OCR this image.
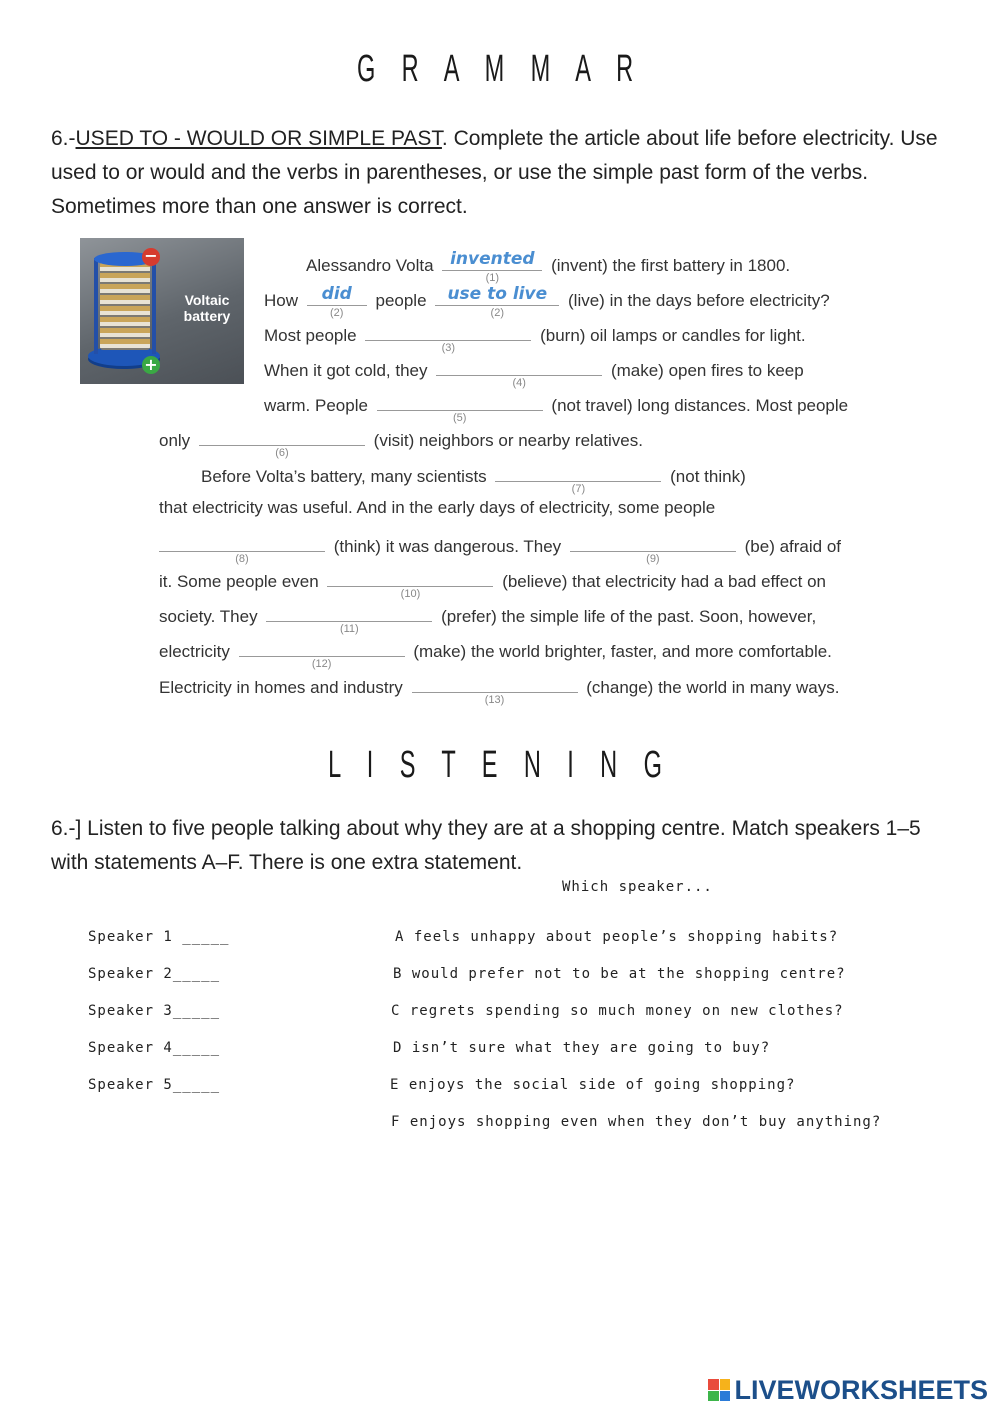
G R A M M A R
6.-USED TO - WOULD OR SIMPLE PAST. Complete the article about life before electricity. Use used to or would and the verbs in parentheses, or use the simple past form of the verbs. Sometimes more than one answer is correct.
−
+
Voltaic battery
Alessandro Volta invented
(1)
(invent) the first battery in 1800.
How	did
(2)
people	use to live
(2)
(live) in the days before electricity?
Most people
(3)
(burn) oil lamps or candles for light.
When it got cold, they
(4)
(make) open fires to keep
warm. People
(5)
(not travel) long distances. Most people
only
(6)
(visit) neighbors or nearby relatives.
Before Volta’s battery, many scientists
(7)
(not think)
that electricity was useful. And in the early days of electricity, some people
(8)
(think) it was dangerous. They
(9)
(be) afraid of
it. Some people even
(10)
(believe) that electricity had a bad effect on
society. They
(11)
(prefer) the simple life of the past. Soon, however,
electricity
(12)
(make) the world brighter, faster, and more comfortable.
Electricity in homes and industry
(13)
(change) the world in many ways.
L I S T E N I N G
6.-] Listen to five people talking about why they are at a shopping centre. Match speakers 1–5 with statements A–F. There is one extra statement.
Which speaker...
Speaker 1 _____
Speaker 2_____
Speaker 3_____
Speaker 4_____
Speaker 5_____
A feels unhappy about people’s shopping habits?
B would prefer not to be at the shopping centre?
C regrets spending so much money on new clothes?
D isn’t sure what they are going to buy?
E enjoys the social side of going shopping?
F enjoys shopping even when they don’t buy anything?
LIVEWORKSHEETS
